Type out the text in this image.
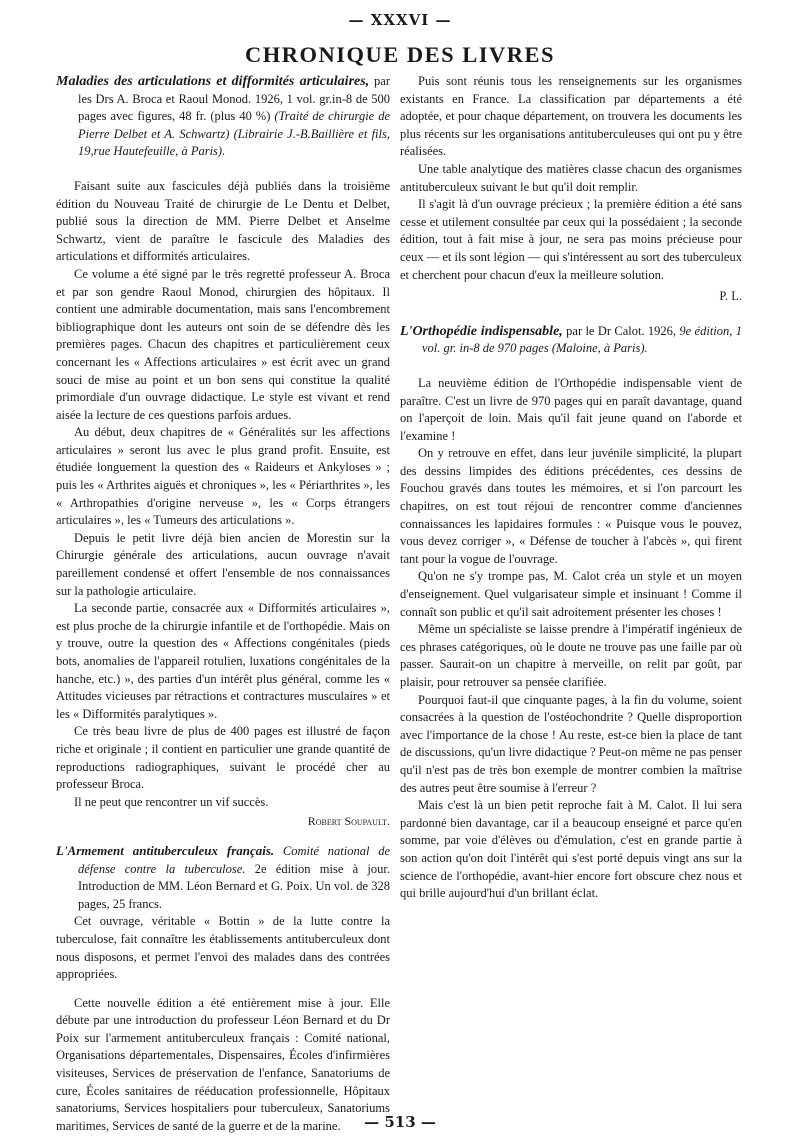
— XXXVI —
CHRONIQUE DES LIVRES
Maladies des articulations et difformités articulaires, par les Drs A. Broca et Raoul Monod. 1926, 1 vol. gr.in-8 de 500 pages avec figures, 48 fr. (plus 40 %) (Traité de chirurgie de Pierre Delbet et A. Schwartz) (Librairie J.-B.Baillière et fils, 19,rue Hautefeuille, à Paris).

Faisant suite aux fascicules déjà publiés dans la troisième édition du Nouveau Traité de chirurgie de Le Dentu et Delbet, publié sous la direction de MM. Pierre Delbet et Anselme Schwartz, vient de paraître le fascicule des Maladies des articulations et difformités articulaires.

Ce volume a été signé par le très regretté professeur A. Broca et par son gendre Raoul Monod, chirurgien des hôpitaux. Il contient une admirable documentation, mais sans l'encombrement bibliographique dont les auteurs ont soin de se défendre dès les premières pages. Chacun des chapitres et particulièrement ceux concernant les « Affections articulaires » est écrit avec un grand souci de mise au point et un bon sens qui constitue la qualité primordiale d'un ouvrage didactique. Le style est vivant et rend aisée la lecture de ces questions parfois ardues.

Au début, deux chapitres de « Généralités sur les affections articulaires » seront lus avec le plus grand profit. Ensuite, est étudiée longuement la question des « Raideurs et Ankyloses » ; puis les « Arthrites aiguës et chroniques », les « Périarthrites », les « Arthropathies d'origine nerveuse », les « Corps étrangers articulaires », les « Tumeurs des articulations ».

Depuis le petit livre déjà bien ancien de Morestin sur la Chirurgie générale des articulations, aucun ouvrage n'avait pareillement condensé et offert l'ensemble de nos connaissances sur la pathologie articulaire.

La seconde partie, consacrée aux « Difformités articulaires », est plus proche de la chirurgie infantile et de l'orthopédie. Mais on y trouve, outre la question des « Affections congénitales (pieds bots, anomalies de l'appareil rotulien, luxations congénitales de la hanche, etc.) », des parties d'un intérêt plus général, comme les « Attitudes vicieuses par rétractions et contractures musculaires » et les « Difformités paralytiques ».

Ce très beau livre de plus de 400 pages est illustré de façon riche et originale ; il contient en particulier une grande quantité de reproductions radiographiques, suivant le procédé cher au professeur Broca.

Il ne peut que rencontrer un vif succès.

Robert Soupault.

L'Armement antituberculeux français. Comité national de défense contre la tuberculose. 2e édition mise à jour. Introduction de MM. Léon Bernard et G. Poix. Un vol. de 328 pages, 25 francs.

Cet ouvrage, véritable « Bottin » de la lutte contre la tuberculose, fait connaître les établissements antituberculeux dont nous disposons, et permet l'envoi des malades dans des contrées appropriées.

Cette nouvelle édition a été entièrement mise à jour. Elle débute par une introduction du professeur Léon Bernard et du Dr Poix sur l'armement antituberculeux français : Comité national, Organisations départementales, Dispensaires, Écoles d'infirmières visiteuses, Services de préservation de l'enfance, Sanatoriums de cure, Écoles sanitaires de rééducation professionnelle, Hôpitaux sanatoriums, Services hospitaliers pour tuberculeux, Sanatoriums maritimes, Services de santé de la guerre et de la marine.

Puis sont réunis tous les renseignements sur les organismes existants en France. La classification par départements a été adoptée, et pour chaque département, on trouvera les documents les plus récents sur les organisations antituberculeuses qui ont pu y être réalisées.

Une table analytique des matières classe chacun des organismes antituberculeux suivant le but qu'il doit remplir.

Il s'agit là d'un ouvrage précieux ; la première édition a été sans cesse et utilement consultée par ceux qui la possédaient ; la seconde édition, tout à fait mise à jour, ne sera pas moins précieuse pour ceux — et ils sont légion — qui s'intéressent au sort des tuberculeux et cherchent pour chacun d'eux la meilleure solution.

P. L.

L'Orthopédie indispensable, par le Dr Calot. 1926, 9e édition, 1 vol. gr. in-8 de 970 pages (Maloine, à Paris).

La neuvième édition de l'Orthopédie indispensable vient de paraître. C'est un livre de 970 pages qui en paraît davantage, quand on l'aperçoit de loin. Mais qu'il fait jeune quand on l'aborde et l'examine !

On y retrouve en effet, dans leur juvénile simplicité, la plupart des dessins limpides des éditions précédentes, ces dessins de Fouchou gravés dans toutes les mémoires, et si l'on parcourt les chapitres, on est tout réjoui de rencontrer comme d'anciennes connaissances les lapidaires formules : « Puisque vous le pouvez, vous devez corriger », « Défense de toucher à l'abcès », qui firent tant pour la vogue de l'ouvrage.

Qu'on ne s'y trompe pas, M. Calot créa un style et un moyen d'enseignement. Quel vulgarisateur simple et insinuant ! Comme il connaît son public et qu'il sait adroitement présenter les choses !

Même un spécialiste se laisse prendre à l'impératif ingénieux de ces phrases catégoriques, où le doute ne trouve pas une faille par où passer. Saurait-on un chapitre à merveille, on relit par goût, par plaisir, pour retrouver sa pensée clarifiée.

Pourquoi faut-il que cinquante pages, à la fin du volume, soient consacrées à la question de l'ostéochondrite ? Quelle disproportion avec l'importance de la chose ! Au reste, est-ce bien la place de tant de discussions, qu'un livre didactique ? Peut-on même ne pas penser qu'il n'est pas de très bon exemple de montrer combien la maîtrise des autres peut être soumise à l'erreur ?

Mais c'est là un bien petit reproche fait à M. Calot. Il lui sera pardonné bien davantage, car il a beaucoup enseigné et parce qu'en somme, par voie d'élèves ou d'émulation, c'est en grande partie à son action qu'on doit l'intérêt qui s'est porté depuis vingt ans sur la science de l'orthopédie, avant-hier encore fort obscure chez nous et qui brille aujourd'hui d'un brillant éclat.

— 513 —
